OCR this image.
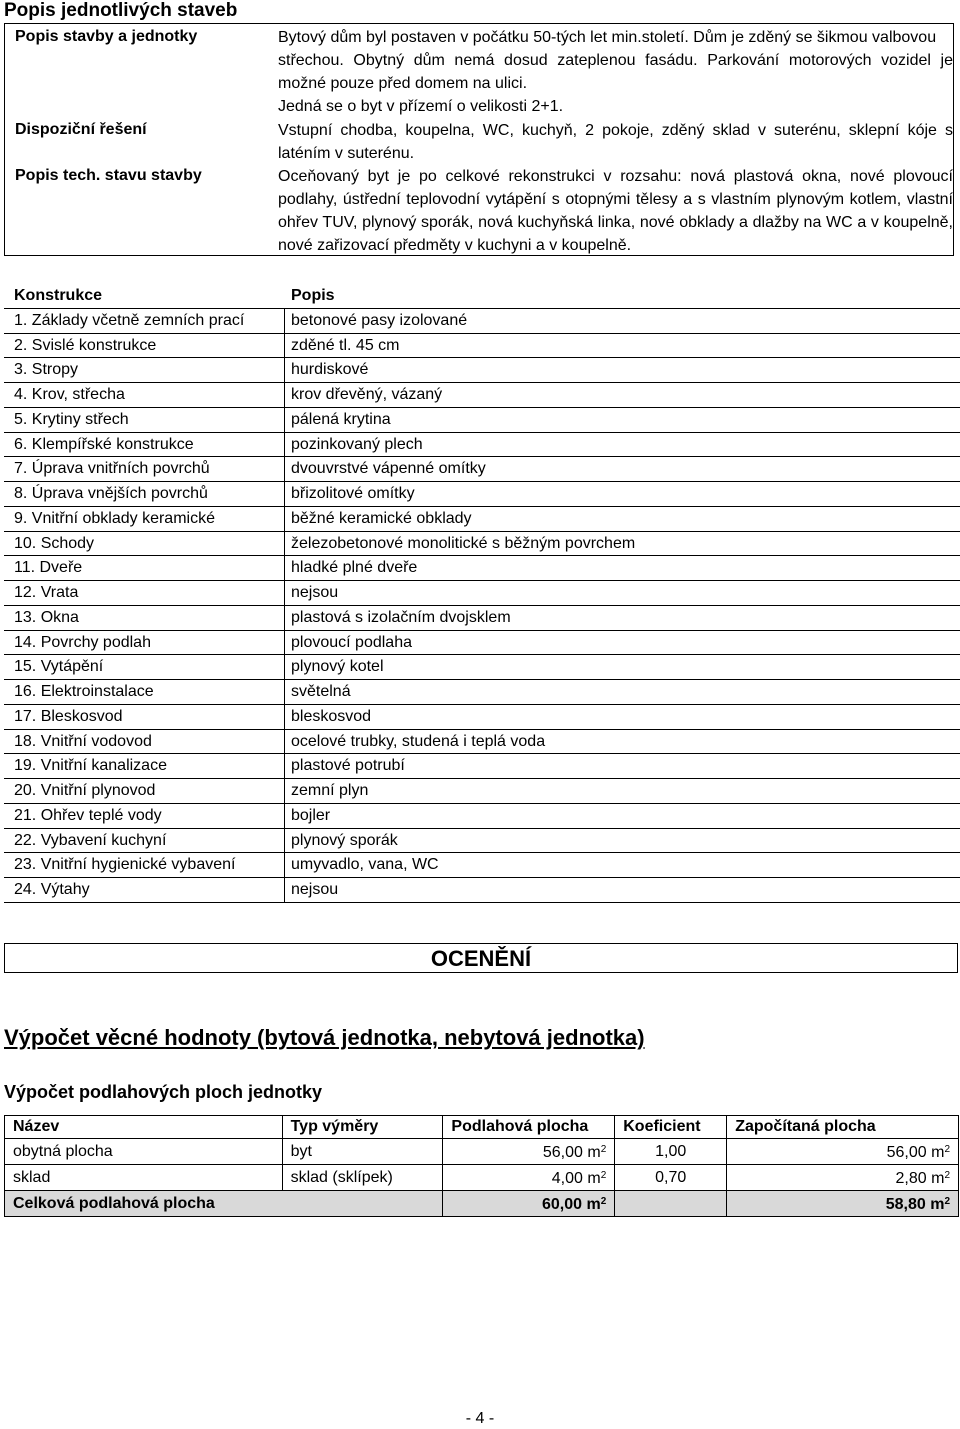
Popis jednotlivých staveb
Popis stavby a jednotky	Bytový dům byl postaven v počátku 50-tých let min.století. Dům je zděný se šikmou valbovou
střechou. Obytný dům nemá dosud zateplenou fasádu. Parkování motorových vozidel je
možné pouze před domem na ulici.
Jedná se o byt v přízemí o velikosti 2+1.
Dispoziční řešení	Vstupní chodba, koupelna, WC, kuchyň, 2 pokoje, zděný sklad v suterénu, sklepní kóje s laténím v suterénu.
Popis tech. stavu stavby	Oceňovaný byt je po celkové rekonstrukci v rozsahu: nová plastová okna, nové plovoucí podlahy, ústřední teplovodní vytápění s otopnými tělesy a s vlastním plynovým kotlem, vlastní ohřev TUV, plynový sporák, nová kuchyňská linka, nové obklady a dlažby na WC a v koupelně, nové zařizovací předměty v kuchyni a v koupelně.
Konstrukce	Popis
1. Základy včetně zemních prací	betonové pasy izolované
2. Svislé konstrukce	zděné tl. 45 cm
3. Stropy	hurdiskové
4. Krov, střecha	krov dřevěný, vázaný
5. Krytiny střech	pálená krytina
6. Klempířské konstrukce	pozinkovaný plech
7. Úprava vnitřních povrchů	dvouvrstvé vápenné omítky
8. Úprava vnějších povrchů	břizolitové omítky
9. Vnitřní obklady keramické	běžné keramické obklady
10. Schody	železobetonové monolitické s běžným povrchem
11. Dveře	hladké plné dveře
12. Vrata	nejsou
13. Okna	plastová s izolačním dvojsklem
14. Povrchy podlah	plovoucí podlaha
15. Vytápění	plynový kotel
16. Elektroinstalace	světelná
17. Bleskosvod	bleskosvod
18. Vnitřní vodovod	ocelové trubky, studená i teplá voda
19. Vnitřní kanalizace	plastové potrubí
20. Vnitřní plynovod	zemní plyn
21. Ohřev teplé vody	bojler
22. Vybavení kuchyní	plynový sporák
23. Vnitřní hygienické vybavení	umyvadlo, vana, WC
24. Výtahy	nejsou
OCENĚNÍ
Výpočet věcné hodnoty (bytová jednotka, nebytová jednotka)
Výpočet podlahových ploch jednotky
Název	Typ výměry	Podlahová plocha	Koeficient	Započítaná plocha
obytná plocha	byt	56,00 $m^2$	1,00	56,00 $m^2$
sklad	sklad (sklípek)	4,00 $m^2$	0,70	2,80 $m^2$
Celková podlahová plocha		60,00 $m^2$		58,80 $m^2$
- 4 -
